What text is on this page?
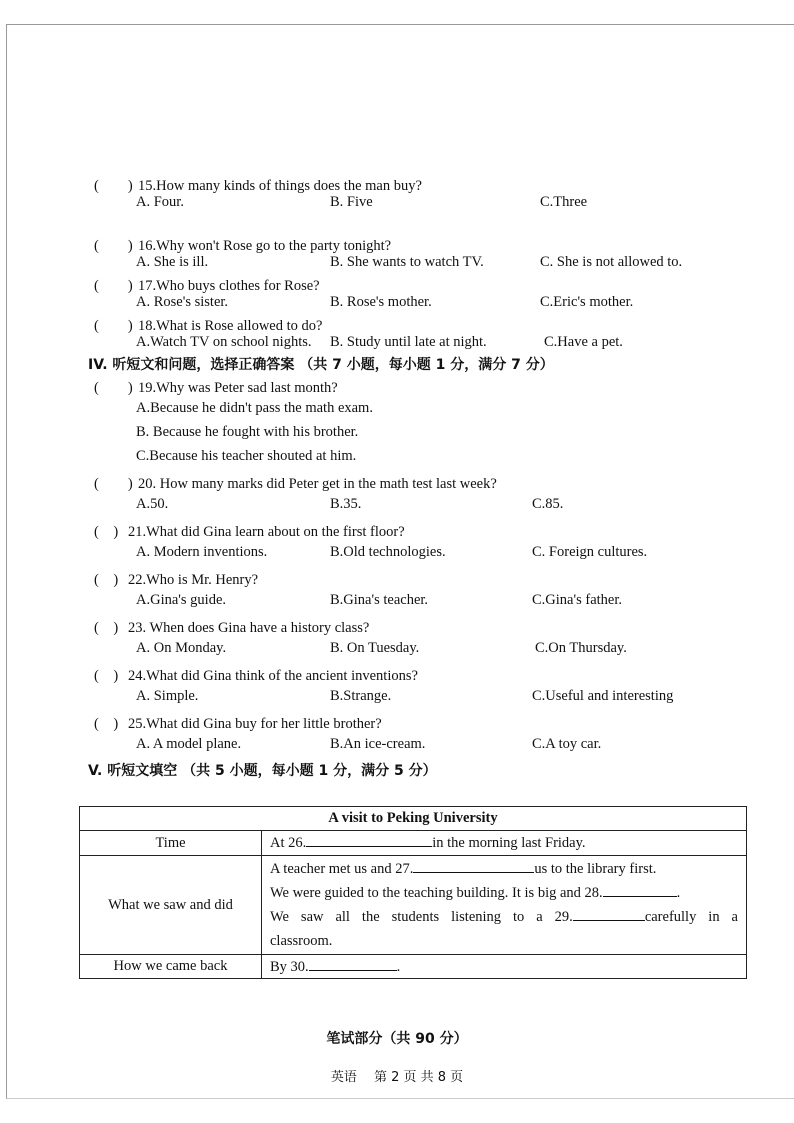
(　　 ) 15.How many kinds of things does the man buy?
A. Four.	B. Five	C.Three
(　　 ) 16.Why won't Rose go to the party tonight?
A. She is ill.	B. She wants to watch TV.	C. She is not allowed to.
(　　 ) 17.Who buys clothes for Rose?
A. Rose's sister.	B. Rose's mother.	C.Eric's mother.
(　　 ) 18.What is Rose allowed to do?
A.Watch TV on school nights. B. Study until late at night.	C.Have a pet.
IV. 听短文和问题，选择正确答案 （共 7 小题，每小题 1 分，满分 7 分）
(　　 ) 19.Why was Peter sad last month?
A.Because he didn't pass the math exam.
B. Because he fought with his brother.
C.Because his teacher shouted at him.
(　　 ) 20. How many marks did Peter get in the math test last week?
A.50.	B.35.	C.85.
(　 ) 21.What did Gina learn about on the first floor?
A. Modern inventions.	B.Old technologies.	C. Foreign cultures.
(　 ) 22.Who is Mr. Henry?
A.Gina's guide.	B.Gina's teacher.	C.Gina's father.
(　 ) 23. When does Gina have a history class?
A. On Monday.	B. On Tuesday.	C.On Thursday.
(　 ) 24.What did Gina think of the ancient inventions?
A. Simple.	B.Strange.	C.Useful and interesting
(　 ) 25.What did Gina buy for her little brother?
A. A model plane.	B.An ice-cream.	C.A toy car.
V. 听短文填空 （共 5 小题，每小题 1 分，满分 5 分）
A visit to Peking University	
Time	At 26. in the morning last Friday.
What we saw and did	A teacher met us and 27. us to the library first.
We were guided to the teaching building. It is big and 28. .
We saw all the students listening to a 29. carefully in a
classroom.

How we came back	By 30. .
笔试部分（共 90 分）
英语　 第 2 页 共 8 页
